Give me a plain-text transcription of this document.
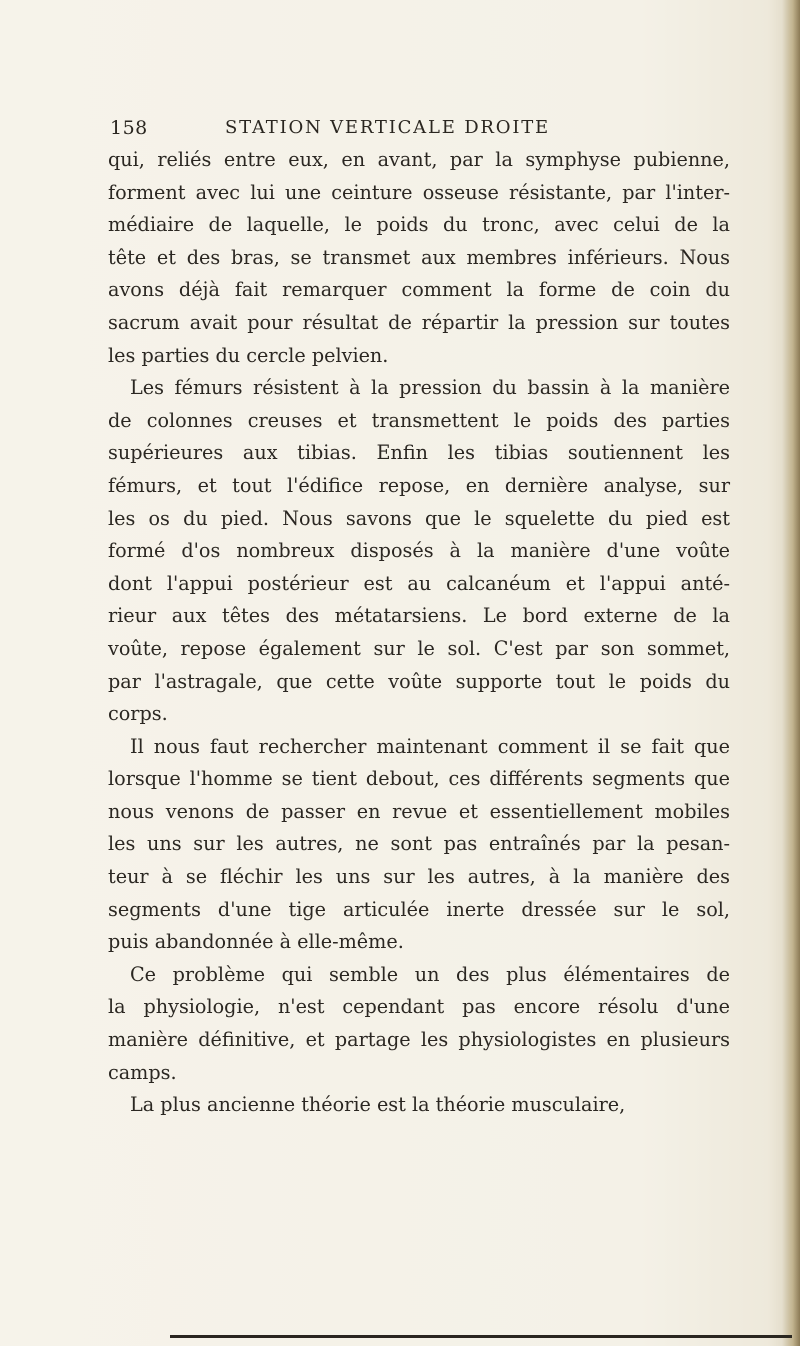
158	STATION VERTICALE DROITE
qui, reliés entre eux, en avant, par la symphyse pubienne,
forment avec lui une ceinture osseuse résistante, par l'inter-
médiaire de laquelle, le poids du tronc, avec celui de la
tête et des bras, se transmet aux membres inférieurs. Nous
avons déjà fait remarquer comment la forme de coin du
sacrum avait pour résultat de répartir la pression sur toutes
les parties du cercle pelvien.
Les fémurs résistent à la pression du bassin à la manière
de colonnes creuses et transmettent le poids des parties
supérieures aux tibias. Enfin les tibias soutiennent les
fémurs, et tout l'édifice repose, en dernière analyse, sur
les os du pied. Nous savons que le squelette du pied est
formé d'os nombreux disposés à la manière d'une voûte
dont l'appui postérieur est au calcanéum et l'appui anté-
rieur aux têtes des métatarsiens. Le bord externe de la
voûte, repose également sur le sol. C'est par son sommet,
par l'astragale, que cette voûte supporte tout le poids du
corps.
Il nous faut rechercher maintenant comment il se fait que
lorsque l'homme se tient debout, ces différents segments que
nous venons de passer en revue et essentiellement mobiles
les uns sur les autres, ne sont pas entraînés par la pesan-
teur à se fléchir les uns sur les autres, à la manière des
segments d'une tige articulée inerte dressée sur le sol,
puis abandonnée à elle-même.
Ce problème qui semble un des plus élémentaires de
la physiologie, n'est cependant pas encore résolu d'une
manière définitive, et partage les physiologistes en plusieurs
camps.
La plus ancienne théorie est la théorie musculaire,
